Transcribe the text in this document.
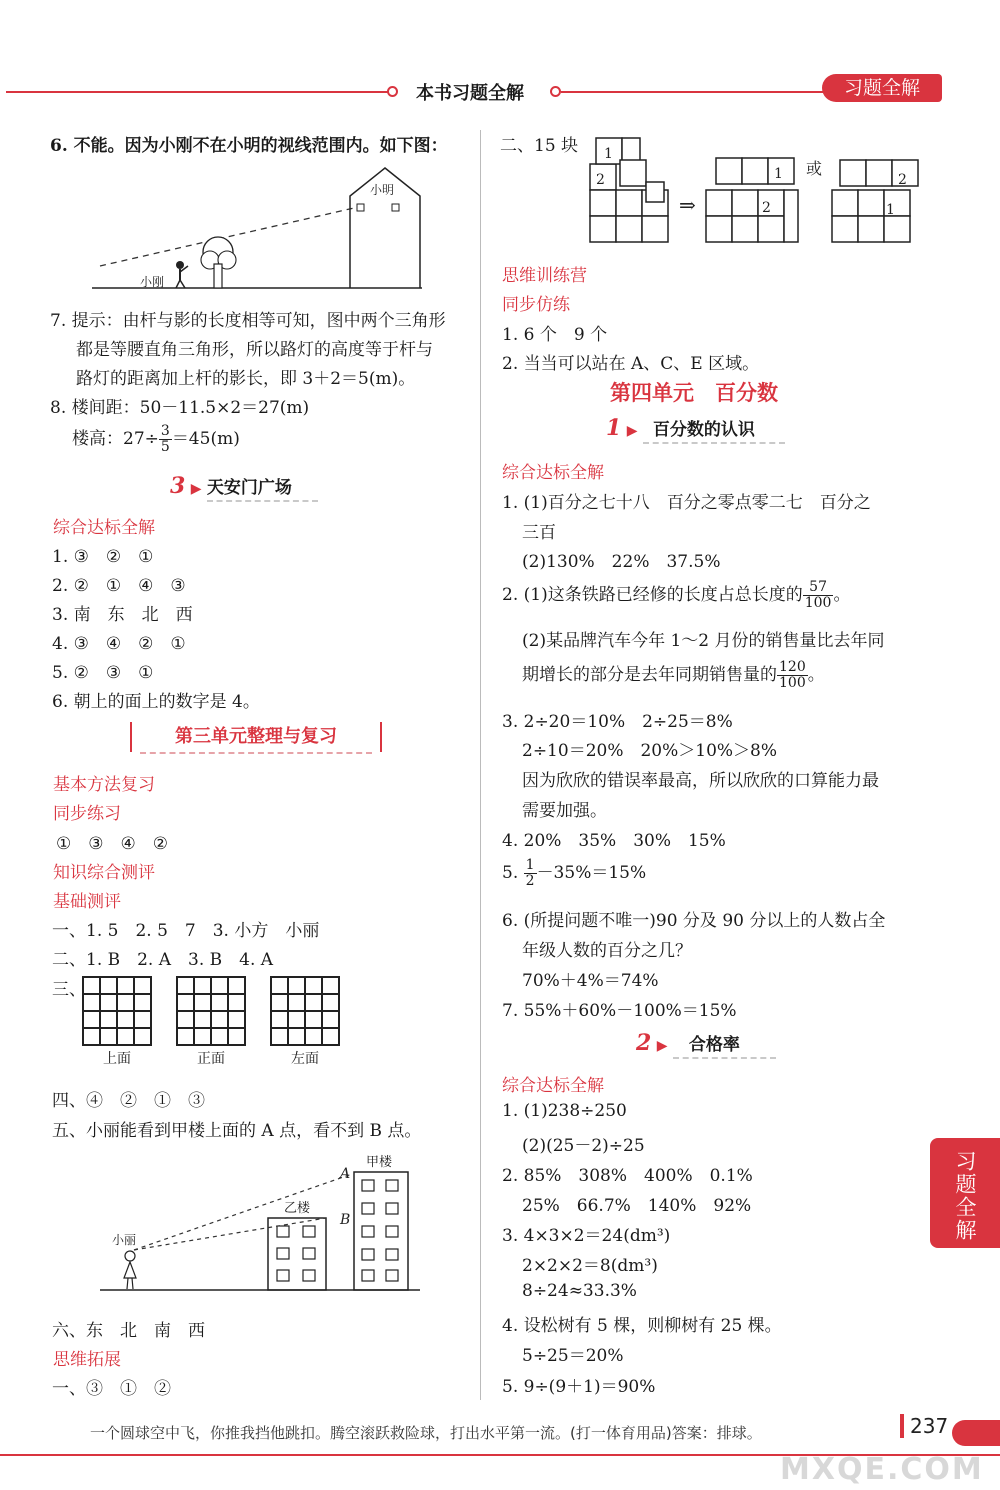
本书习题全解	习题全解
6. 不能。因为小刚不在小明的视线范围内。如下图：
小明
小刚
7. 提示：由杆与影的长度相等可知，图中两个三角形
都是等腰直角三角形，所以路灯的高度等于杆与
路灯的距离加上杆的影长，即 3＋2＝5(m)。
8. 楼间距：50－11.5×2＝27(m)
楼高：$27\div \frac{3}{5} =45(m)$
3 ▶ 天安门广场
综合达标全解
1. ③　②　①
2. ②　①　④　③
3. 南　东　北　西
4. ③　④　②　①
5. ②　③　①
6. 朝上的面上的数字是 4。
第三单元整理与复习
基本方法复习
同步练习
①　③　④　②
知识综合测评
基础测评
一、1. 5　2. 5　7　3. 小方　小丽
二、1. B　2. A　3. B　4. A
三、
上面	正面	左面
四、④　②　①　③
五、小丽能看到甲楼上面的 A 点，看不到 B 点。
A
B
甲楼
乙楼
小丽
六、东　北　南　西
思维拓展
一、③　①　②
二、15 块 1
2
⇒
1
2
或
2
1
思维训练营
同步仿练
1. 6 个　9 个
2. 当当可以站在 A、C、E 区域。
第四单元　百分数
1 ▶ 百分数的认识
综合达标全解
1. (1)百分之七十八　百分之零点零二七　百分之
三百
(2)130%　22%　37.5%
2. (1)这条铁路已经修的长度占总长度的 $\frac{57}{100}$ 。
(2)某品牌汽车今年 1～2 月份的销售量比去年同
期增长的部分是去年同期销售量的 $\frac{120}{100}$ 。
3. 2÷20＝10%　2÷25＝8%
2÷10＝20%　20%＞10%＞8%
因为欣欣的错误率最高，所以欣欣的口算能力最
需要加强。
4. 20%　35%　30%　15%
5. $\frac{1}{2} -35\%=15\%$
6. (所提问题不唯一)90 分及 90 分以上的人数占全
年级人数的百分之几？
70%＋4%＝74%
7. 55%＋60%－100%＝15%
2 ▶ 合格率
综合达标全解
1. (1)238÷250
(2)(25－2)÷25
2. 85%　308%　400%　0.1%
25%　66.7%　140%　92%
3. 4×3×2＝24(dm³)
2×2×2＝8(dm³)
8÷24≈33.3%
4. 设松树有 5 棵，则柳树有 25 棵。
5÷25＝20%
5. 9÷(9＋1)＝90%
习题全解
一个圆球空中飞，你推我挡他跳扣。腾空滚跃救险球，打出水平第一流。(打一体育用品)答案：排球。	237
MXQE.COM
